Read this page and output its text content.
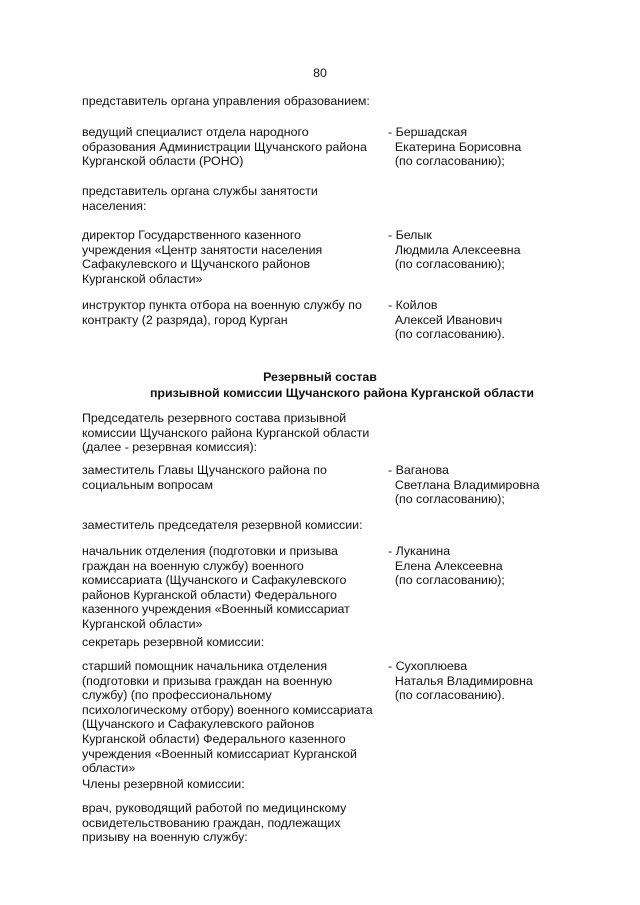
80

представитель органа управления образованием:

ведущий специалист отдела народного
образования Администрации Щучанского района
Курганской области (РОНО)

- Бершадская
Екатерина Борисовна
(по согласованию);

представитель органа службы занятости
населения:

директор Государственного казенного
учреждения «Центр занятости населения
Сафакулевского и Щучанского районов
Курганской области»

- Белык
Людмила Алексеевна
(по согласованию);

инструктор пункта отбора на военную службу по
контракту (2 разряда), город Курган

- Койлов
Алексей Иванович
(по согласованию).

Резервный состав

призывной комиссии Щучанского района Курганской области

Председатель резервного состава призывной
комиссии Щучанского района Курганской области
(далее - резервная комиссия):

заместитель Главы Щучанского района по
социальным вопросам

- Ваганова
Светлана Владимировна
(по согласованию);

заместитель председателя резервной комиссии:

начальник отделения (подготовки и призыва
граждан на военную службу) военного
комиссариата (Щучанского и Сафакулевского
районов Курганской области) Федерального
казенного учреждения «Военный комиссариат
Курганской области»

- Луканина
Елена Алексеевна
(по согласованию);

секретарь резервной комиссии:

старший помощник начальника отделения
(подготовки и призыва граждан на военную
службу) (по профессиональному
психологическому отбору) военного комиссариата
(Щучанского и Сафакулевского районов
Курганской области) Федерального казенного
учреждения «Военный комиссариат Курганской
области»

- Сухоплюева
Наталья Владимировна
(по согласованию).

Члены резервной комиссии:

врач, руководящий работой по медицинскому
освидетельствованию граждан, подлежащих
призыву на военную службу:
